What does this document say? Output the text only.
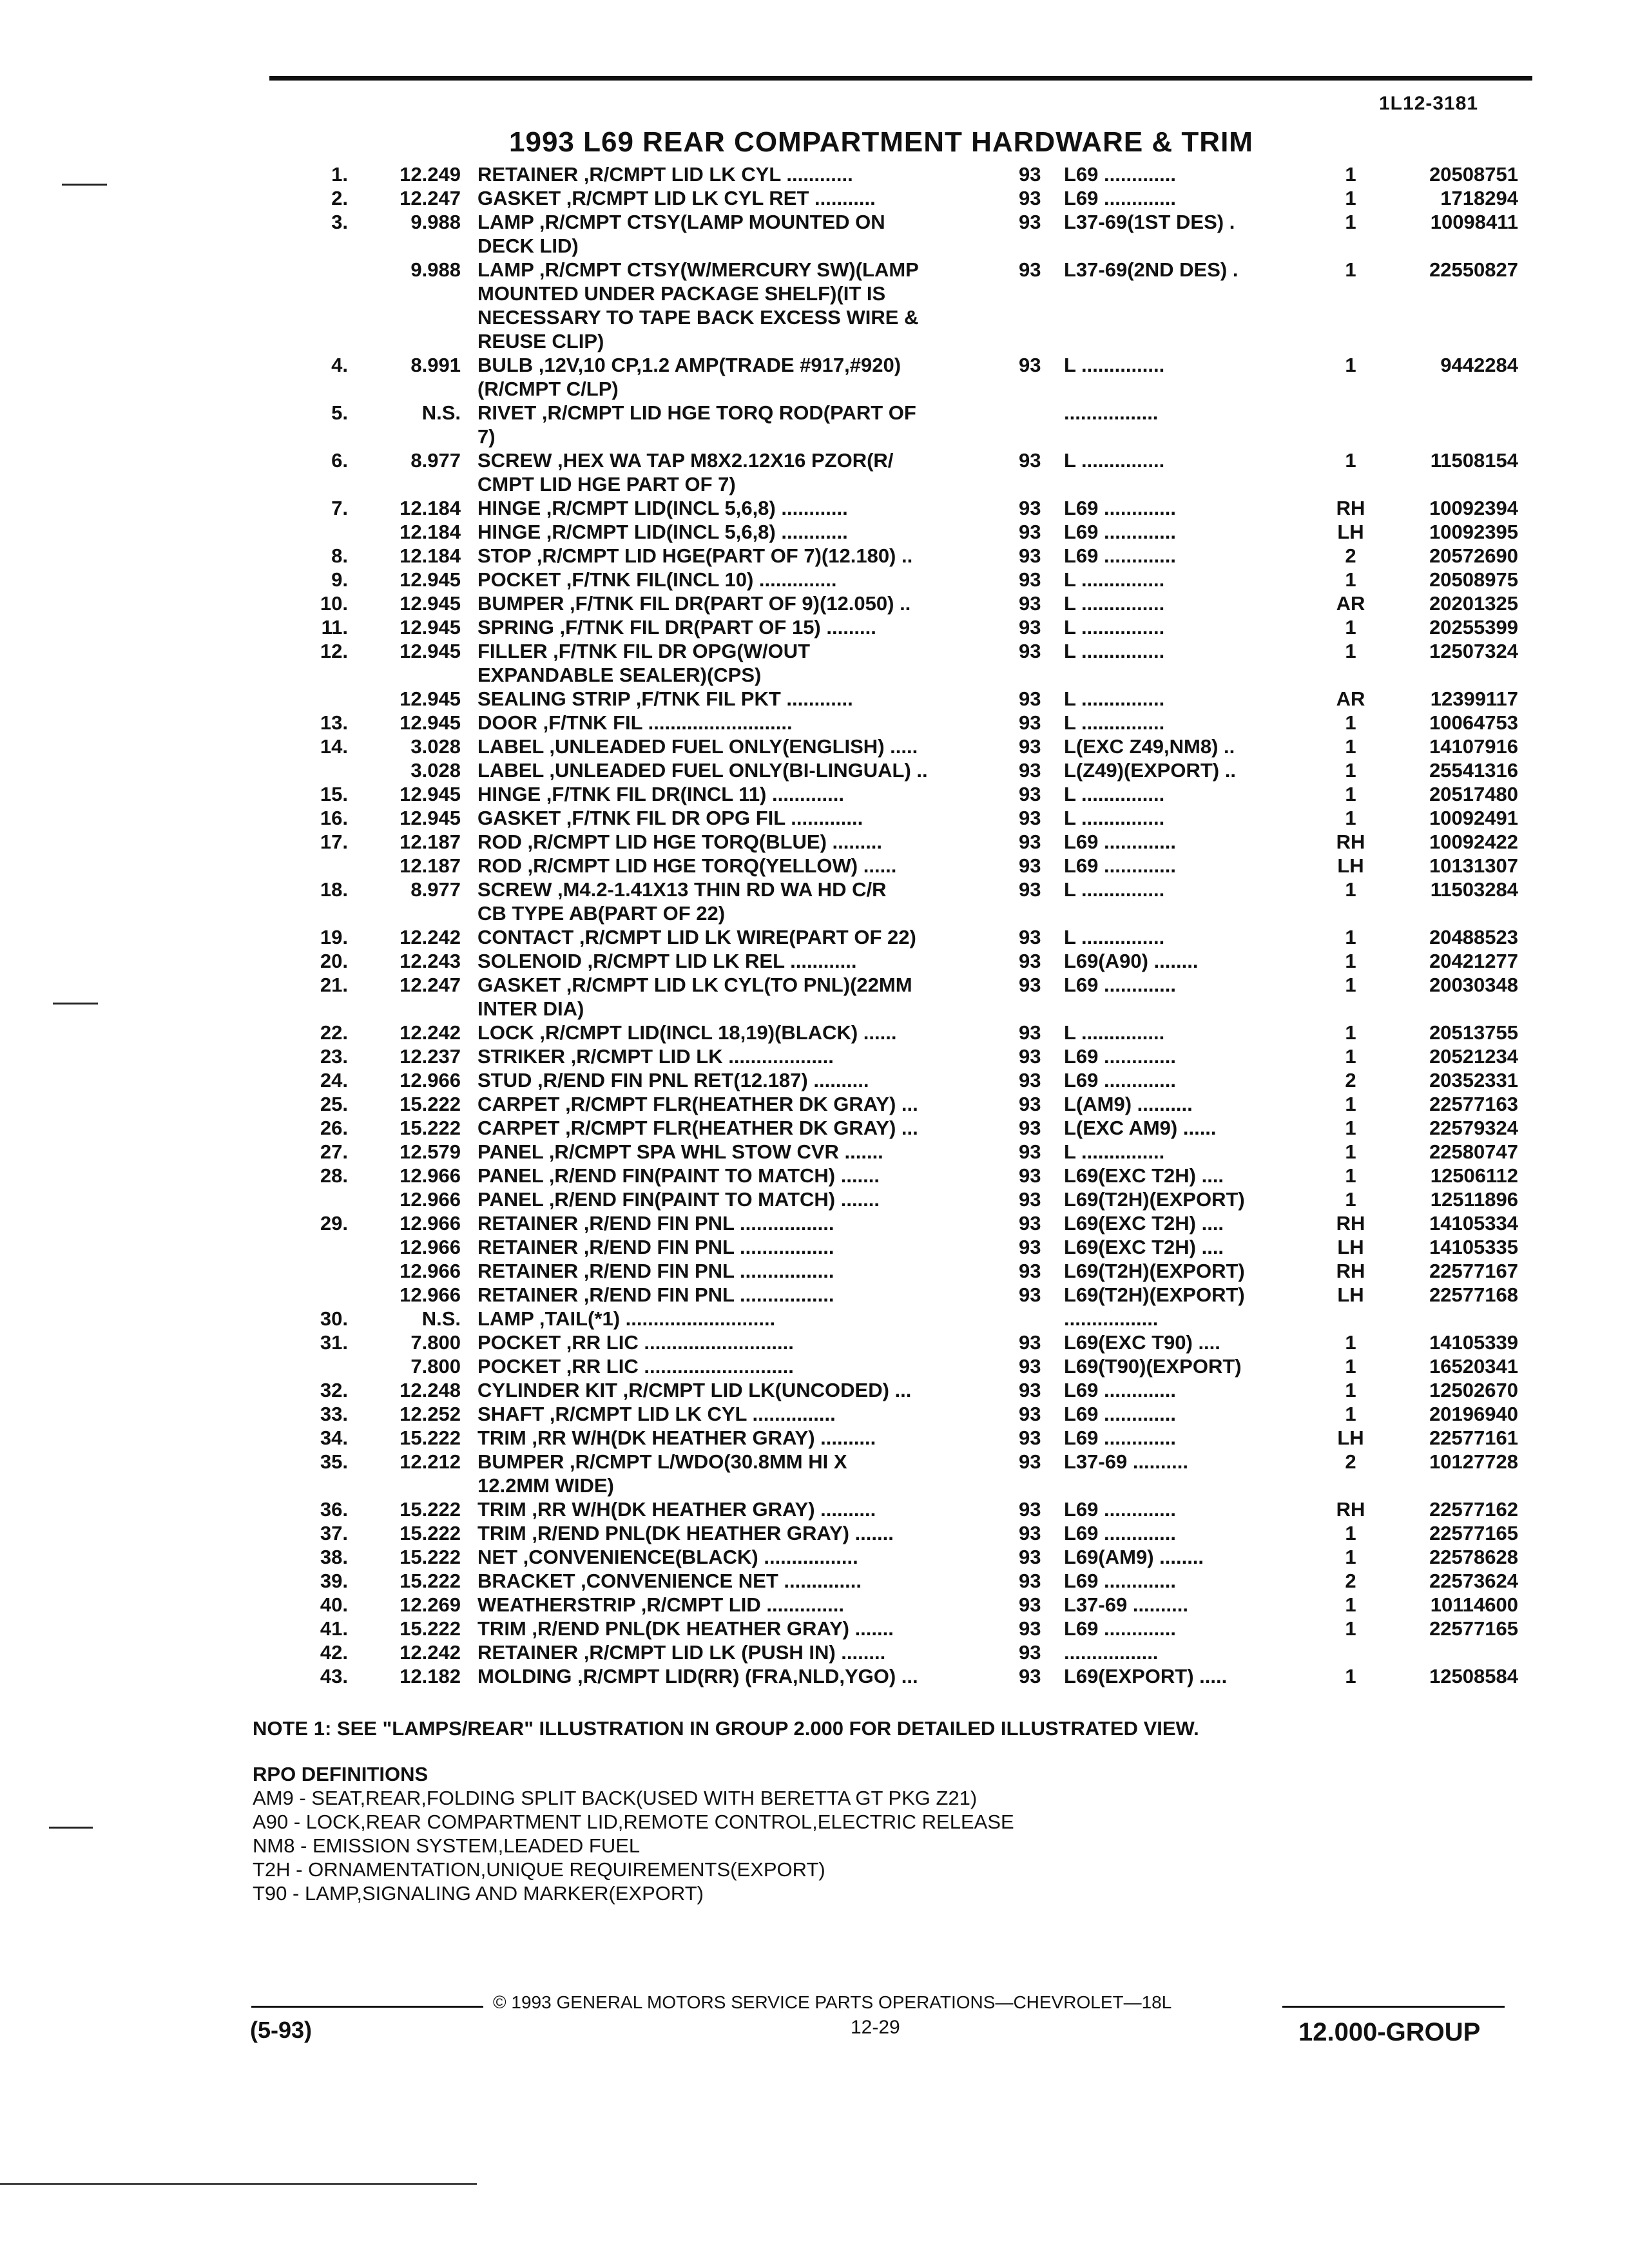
1L12-3181
1993 L69 REAR COMPARTMENT HARDWARE & TRIM
1.	12.249 RETAINER ,R/CMPT LID LK CYL ............	93	L69 .............	1	20508751
2.	12.247 GASKET ,R/CMPT LID LK CYL RET ...........	93	L69 .............	1	1718294
3.	9.988 LAMP ,R/CMPT CTSY(LAMP MOUNTED ON
DECK LID)
93	L37-69(1ST DES) .	1	10098411
9.988 LAMP ,R/CMPT CTSY(W/MERCURY SW)(LAMP
MOUNTED UNDER PACKAGE SHELF)(IT IS
NECESSARY TO TAPE BACK EXCESS WIRE &
REUSE CLIP)
93	L37-69(2ND DES) .	1	22550827
4.	8.991 BULB ,12V,10 CP,1.2 AMP(TRADE #917,#920)
(R/CMPT C/LP)
93	L ...............	1	9442284
5.	N.S. RIVET ,R/CMPT LID HGE TORQ ROD(PART OF
7)
.................
6.	8.977 SCREW ,HEX WA TAP M8X2.12X16 PZOR(R/
CMPT LID HGE PART OF 7)
93	L ...............	1	11508154
7.	12.184 HINGE ,R/CMPT LID(INCL 5,6,8) ............	93	L69 .............	RH	10092394
12.184 HINGE ,R/CMPT LID(INCL 5,6,8) ............	93	L69 .............	LH	10092395
8.	12.184 STOP ,R/CMPT LID HGE(PART OF 7)(12.180) ..	93	L69 .............	2	20572690
9.	12.945 POCKET ,F/TNK FIL(INCL 10) ..............	93	L ...............	1	20508975
10.	12.945 BUMPER ,F/TNK FIL DR(PART OF 9)(12.050) ..	93	L ...............	AR	20201325
11.	12.945 SPRING ,F/TNK FIL DR(PART OF 15) .........	93	L ...............	1	20255399
12.	12.945 FILLER ,F/TNK FIL DR OPG(W/OUT
EXPANDABLE SEALER)(CPS)
93	L ...............	1	12507324
12.945 SEALING STRIP ,F/TNK FIL PKT ............	93	L ...............	AR	12399117
13.	12.945 DOOR ,F/TNK FIL ..........................	93	L ...............	1	10064753
14.	3.028 LABEL ,UNLEADED FUEL ONLY(ENGLISH) .....	93	L(EXC Z49,NM8) ..	1	14107916
3.028 LABEL ,UNLEADED FUEL ONLY(BI-LINGUAL) ..	93	L(Z49)(EXPORT) ..	1	25541316
15.	12.945 HINGE ,F/TNK FIL DR(INCL 11) .............	93	L ...............	1	20517480
16.	12.945 GASKET ,F/TNK FIL DR OPG FIL .............	93	L ...............	1	10092491
17.	12.187 ROD ,R/CMPT LID HGE TORQ(BLUE) .........	93	L69 .............	RH	10092422
12.187 ROD ,R/CMPT LID HGE TORQ(YELLOW) ......	93	L69 .............	LH	10131307
18.	8.977 SCREW ,M4.2-1.41X13 THIN RD WA HD C/R
CB TYPE AB(PART OF 22)
93	L ...............	1	11503284
19.	12.242 CONTACT ,R/CMPT LID LK WIRE(PART OF 22)	93	L ...............	1	20488523
20.	12.243 SOLENOID ,R/CMPT LID LK REL ............	93	L69(A90) ........	1	20421277
21.	12.247 GASKET ,R/CMPT LID LK CYL(TO PNL)(22MM
INTER DIA)
93	L69 .............	1	20030348
22.	12.242 LOCK ,R/CMPT LID(INCL 18,19)(BLACK) ......	93	L ...............	1	20513755
23.	12.237 STRIKER ,R/CMPT LID LK ...................	93	L69 .............	1	20521234
24.	12.966 STUD ,R/END FIN PNL RET(12.187) ..........	93	L69 .............	2	20352331
25.	15.222 CARPET ,R/CMPT FLR(HEATHER DK GRAY) ...	93	L(AM9) ..........	1	22577163
26.	15.222 CARPET ,R/CMPT FLR(HEATHER DK GRAY) ...	93	L(EXC AM9) ......	1	22579324
27.	12.579 PANEL ,R/CMPT SPA WHL STOW CVR .......	93	L ...............	1	22580747
28.	12.966 PANEL ,R/END FIN(PAINT TO MATCH) .......	93	L69(EXC T2H) ....	1	12506112
12.966 PANEL ,R/END FIN(PAINT TO MATCH) .......	93	L69(T2H)(EXPORT)	1	12511896
29.	12.966 RETAINER ,R/END FIN PNL .................	93	L69(EXC T2H) ....	RH	14105334
12.966 RETAINER ,R/END FIN PNL .................	93	L69(EXC T2H) ....	LH	14105335
12.966 RETAINER ,R/END FIN PNL .................	93	L69(T2H)(EXPORT)	RH	22577167
12.966 RETAINER ,R/END FIN PNL .................	93	L69(T2H)(EXPORT)	LH	22577168
30.	N.S. LAMP ,TAIL(*1) ...........................	.................
31.	7.800 POCKET ,RR LIC ...........................	93	L69(EXC T90) ....	1	14105339
7.800 POCKET ,RR LIC ...........................	93	L69(T90)(EXPORT)	1	16520341
32.	12.248 CYLINDER KIT ,R/CMPT LID LK(UNCODED) ...	93	L69 .............	1	12502670
33.	12.252 SHAFT ,R/CMPT LID LK CYL ...............	93	L69 .............	1	20196940
34.	15.222 TRIM ,RR W/H(DK HEATHER GRAY) ..........	93	L69 .............	LH	22577161
35.	12.212 BUMPER ,R/CMPT L/WDO(30.8MM HI X
12.2MM WIDE)
93	L37-69 ..........	2	10127728
36.	15.222 TRIM ,RR W/H(DK HEATHER GRAY) ..........	93	L69 .............	RH	22577162
37.	15.222 TRIM ,R/END PNL(DK HEATHER GRAY) .......	93	L69 .............	1	22577165
38.	15.222 NET ,CONVENIENCE(BLACK) .................	93	L69(AM9) ........	1	22578628
39.	15.222 BRACKET ,CONVENIENCE NET ..............	93	L69 .............	2	22573624
40.	12.269 WEATHERSTRIP ,R/CMPT LID ..............	93	L37-69 ..........	1	10114600
41.	15.222 TRIM ,R/END PNL(DK HEATHER GRAY) .......	93	L69 .............	1	22577165
42.	12.242 RETAINER ,R/CMPT LID LK (PUSH IN) ........	93	.................
43.	12.182 MOLDING ,R/CMPT LID(RR) (FRA,NLD,YGO) ...	93	L69(EXPORT) .....	1	12508584
NOTE 1: SEE "LAMPS/REAR" ILLUSTRATION IN GROUP 2.000 FOR DETAILED ILLUSTRATED VIEW.
RPO DEFINITIONS
AM9 - SEAT,REAR,FOLDING SPLIT BACK(USED WITH BERETTA GT PKG Z21)
A90 - LOCK,REAR COMPARTMENT LID,REMOTE CONTROL,ELECTRIC RELEASE
NM8 - EMISSION SYSTEM,LEADED FUEL
T2H - ORNAMENTATION,UNIQUE REQUIREMENTS(EXPORT)
T90 - LAMP,SIGNALING AND MARKER(EXPORT)
© 1993 GENERAL MOTORS SERVICE PARTS OPERATIONS—CHEVROLET—18L
(5-93)	12-29	12.000-GROUP
